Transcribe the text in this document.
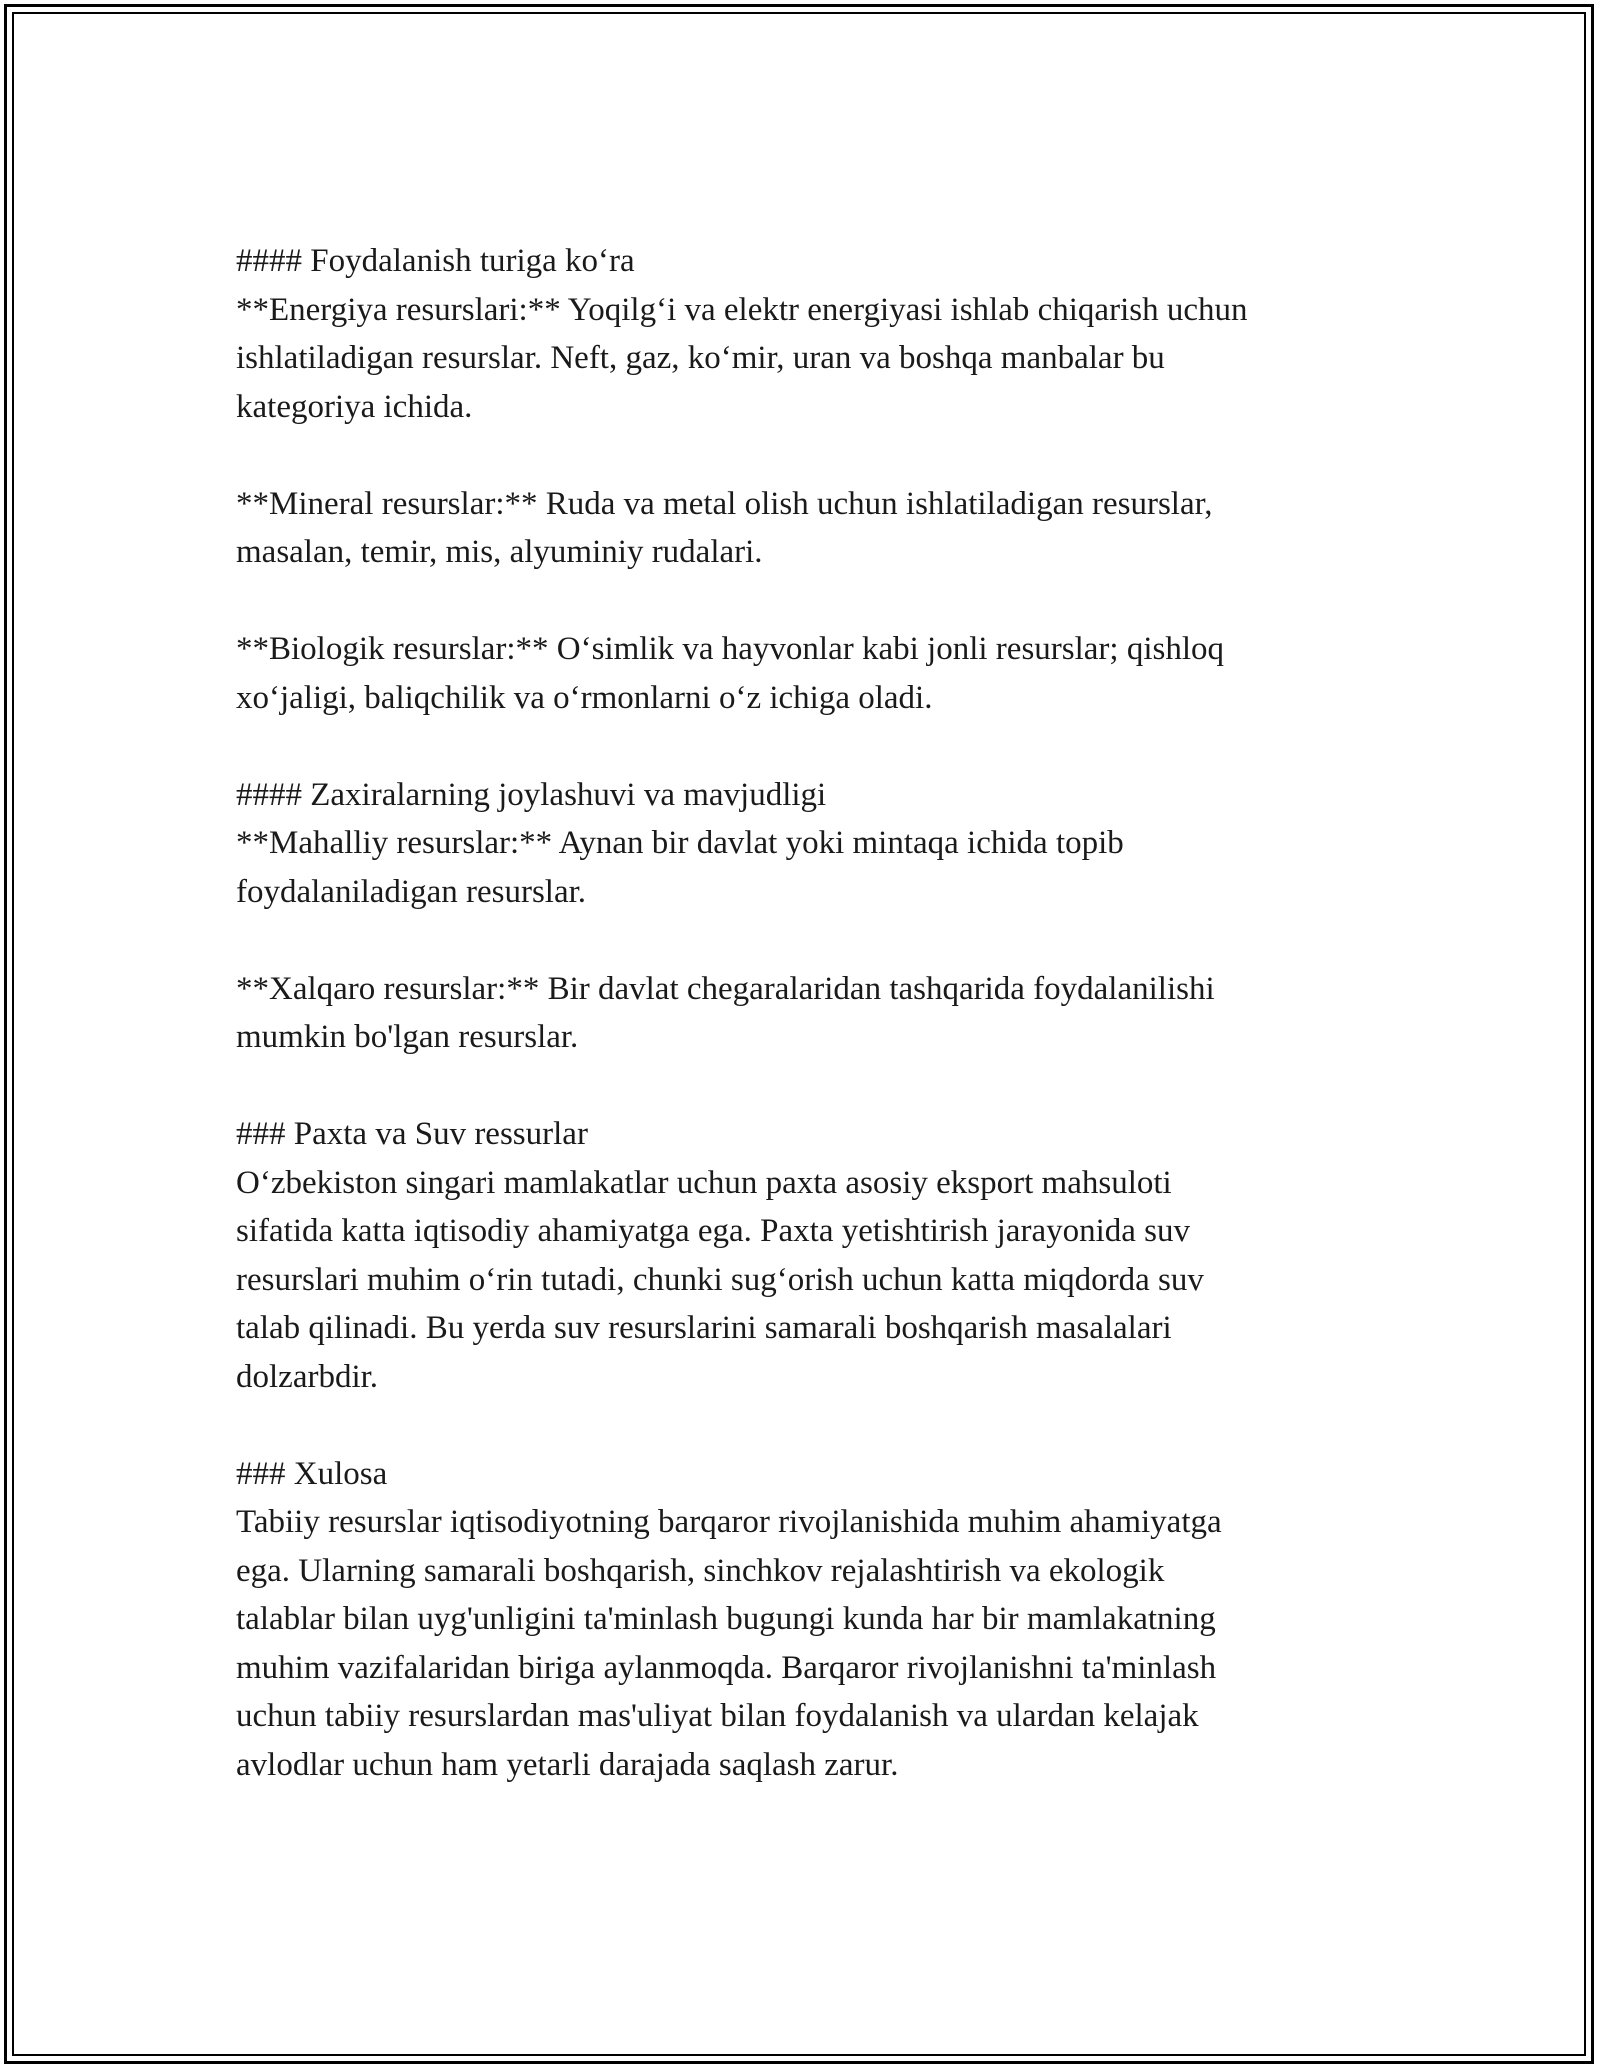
#### Foydalanish turiga ko‘ra
**Energiya resurslari:** Yoqilg‘i va elektr energiyasi ishlab chiqarish uchun
ishlatiladigan resurslar. Neft, gaz, ko‘mir, uran va boshqa manbalar bu
kategoriya ichida.
**Mineral resurslar:** Ruda va metal olish uchun ishlatiladigan resurslar,
masalan, temir, mis, alyuminiy rudalari.
**Biologik resurslar:** O‘simlik va hayvonlar kabi jonli resurslar; qishloq
xo‘jaligi, baliqchilik va o‘rmonlarni o‘z ichiga oladi.
#### Zaxiralarning joylashuvi va mavjudligi
**Mahalliy resurslar:** Aynan bir davlat yoki mintaqa ichida topib
foydalaniladigan resurslar.
**Xalqaro resurslar:** Bir davlat chegaralaridan tashqarida foydalanilishi
mumkin bo'lgan resurslar.
### Paxta va Suv ressurlar
O‘zbekiston singari mamlakatlar uchun paxta asosiy eksport mahsuloti
sifatida katta iqtisodiy ahamiyatga ega. Paxta yetishtirish jarayonida suv
resurslari muhim o‘rin tutadi, chunki sug‘orish uchun katta miqdorda suv
talab qilinadi. Bu yerda suv resurslarini samarali boshqarish masalalari
dolzarbdir.
### Xulosa
Tabiiy resurslar iqtisodiyotning barqaror rivojlanishida muhim ahamiyatga
ega. Ularning samarali boshqarish, sinchkov rejalashtirish va ekologik
talablar bilan uyg'unligini ta'minlash bugungi kunda har bir mamlakatning
muhim vazifalaridan biriga aylanmoqda. Barqaror rivojlanishni ta'minlash
uchun tabiiy resurslardan mas'uliyat bilan foydalanish va ulardan kelajak
avlodlar uchun ham yetarli darajada saqlash zarur.
